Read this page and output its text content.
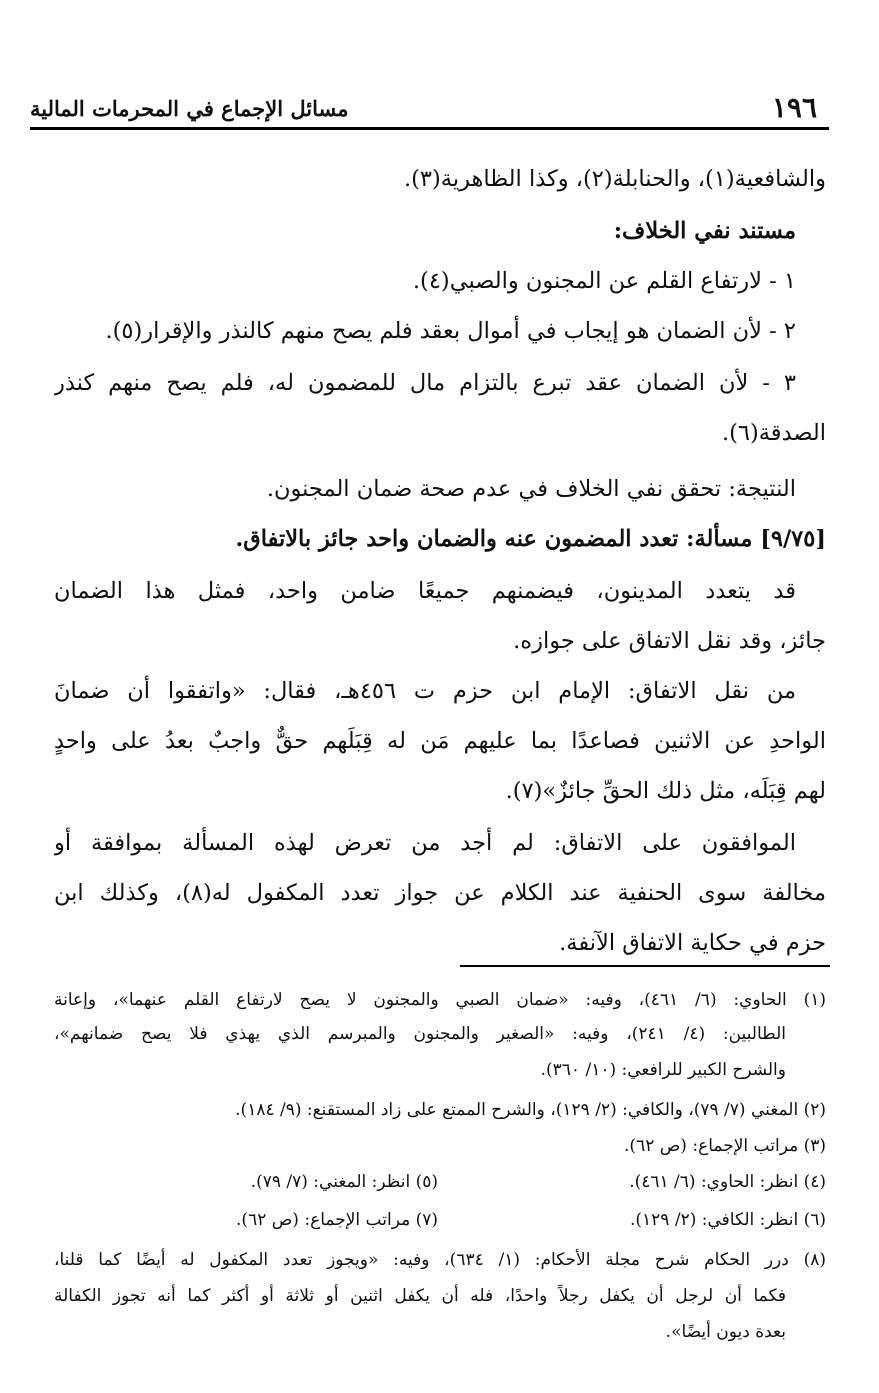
١٩٦
مسائل الإجماع في المحرمات المالية
والشافعية(١)، والحنابلة(٢)، وكذا الظاهرية(٣).
مستند نفي الخلاف:
١ - لارتفاع القلم عن المجنون والصبي(٤).
٢ - لأن الضمان هو إيجاب في أموال بعقد فلم يصح منهم كالنذر والإقرار(٥).
٣ - لأن الضمان عقد تبرع بالتزام مال للمضمون له، فلم يصح منهم كنذر
الصدقة(٦).
النتيجة: تحقق نفي الخلاف في عدم صحة ضمان المجنون.
[٩/٧٥] مسألة: تعدد المضمون عنه والضمان واحد جائز بالاتفاق.
قد يتعدد المدينون، فيضمنهم جميعًا ضامن واحد، فمثل هذا الضمان
جائز، وقد نقل الاتفاق على جوازه.
من نقل الاتفاق: الإمام ابن حزم ت ٤٥٦هـ، فقال: «واتفقوا أن ضمانَ
الواحدِ عن الاثنين فصاعدًا بما عليهم مَن له قِبَلَهم حقٌّ واجبٌ بعدُ على واحدٍ
لهم قِبَلَه، مثل ذلك الحقِّ جائزٌ»(٧).
الموافقون على الاتفاق: لم أجد من تعرض لهذه المسألة بموافقة أو
مخالفة سوى الحنفية عند الكلام عن جواز تعدد المكفول له(٨)، وكذلك ابن
حزم في حكاية الاتفاق الآنفة.
(١) الحاوي: (٦/ ٤٦١)، وفيه: «ضمان الصبي والمجنون لا يصح لارتفاع القلم عنهما»، وإعانة
الطالبين: (٤/ ٢٤١)، وفيه: «الصغير والمجنون والمبرسم الذي يهذي فلا يصح ضمانهم»،
والشرح الكبير للرافعي: (١٠/ ٣٦٠).
(٢) المغني (٧/ ٧٩)، والكافي: (٢/ ١٢٩)، والشرح الممتع على زاد المستقنع: (٩/ ١٨٤).
(٣) مراتب الإجماع: (ص ٦٢).
(٤) انظر: الحاوي: (٦/ ٤٦١).
(٥) انظر: المغني: (٧/ ٧٩).
(٦) انظر: الكافي: (٢/ ١٢٩).
(٧) مراتب الإجماع: (ص ٦٢).
(٨) درر الحكام شرح مجلة الأحكام: (١/ ٦٣٤)، وفيه: «ويجوز تعدد المكفول له أيضًا كما قلنا،
فكما أن لرجل أن يكفل رجلاً واحدًا، فله أن يكفل اثنين أو ثلاثة أو أكثر كما أنه تجوز الكفالة
بعدة ديون أيضًا».
